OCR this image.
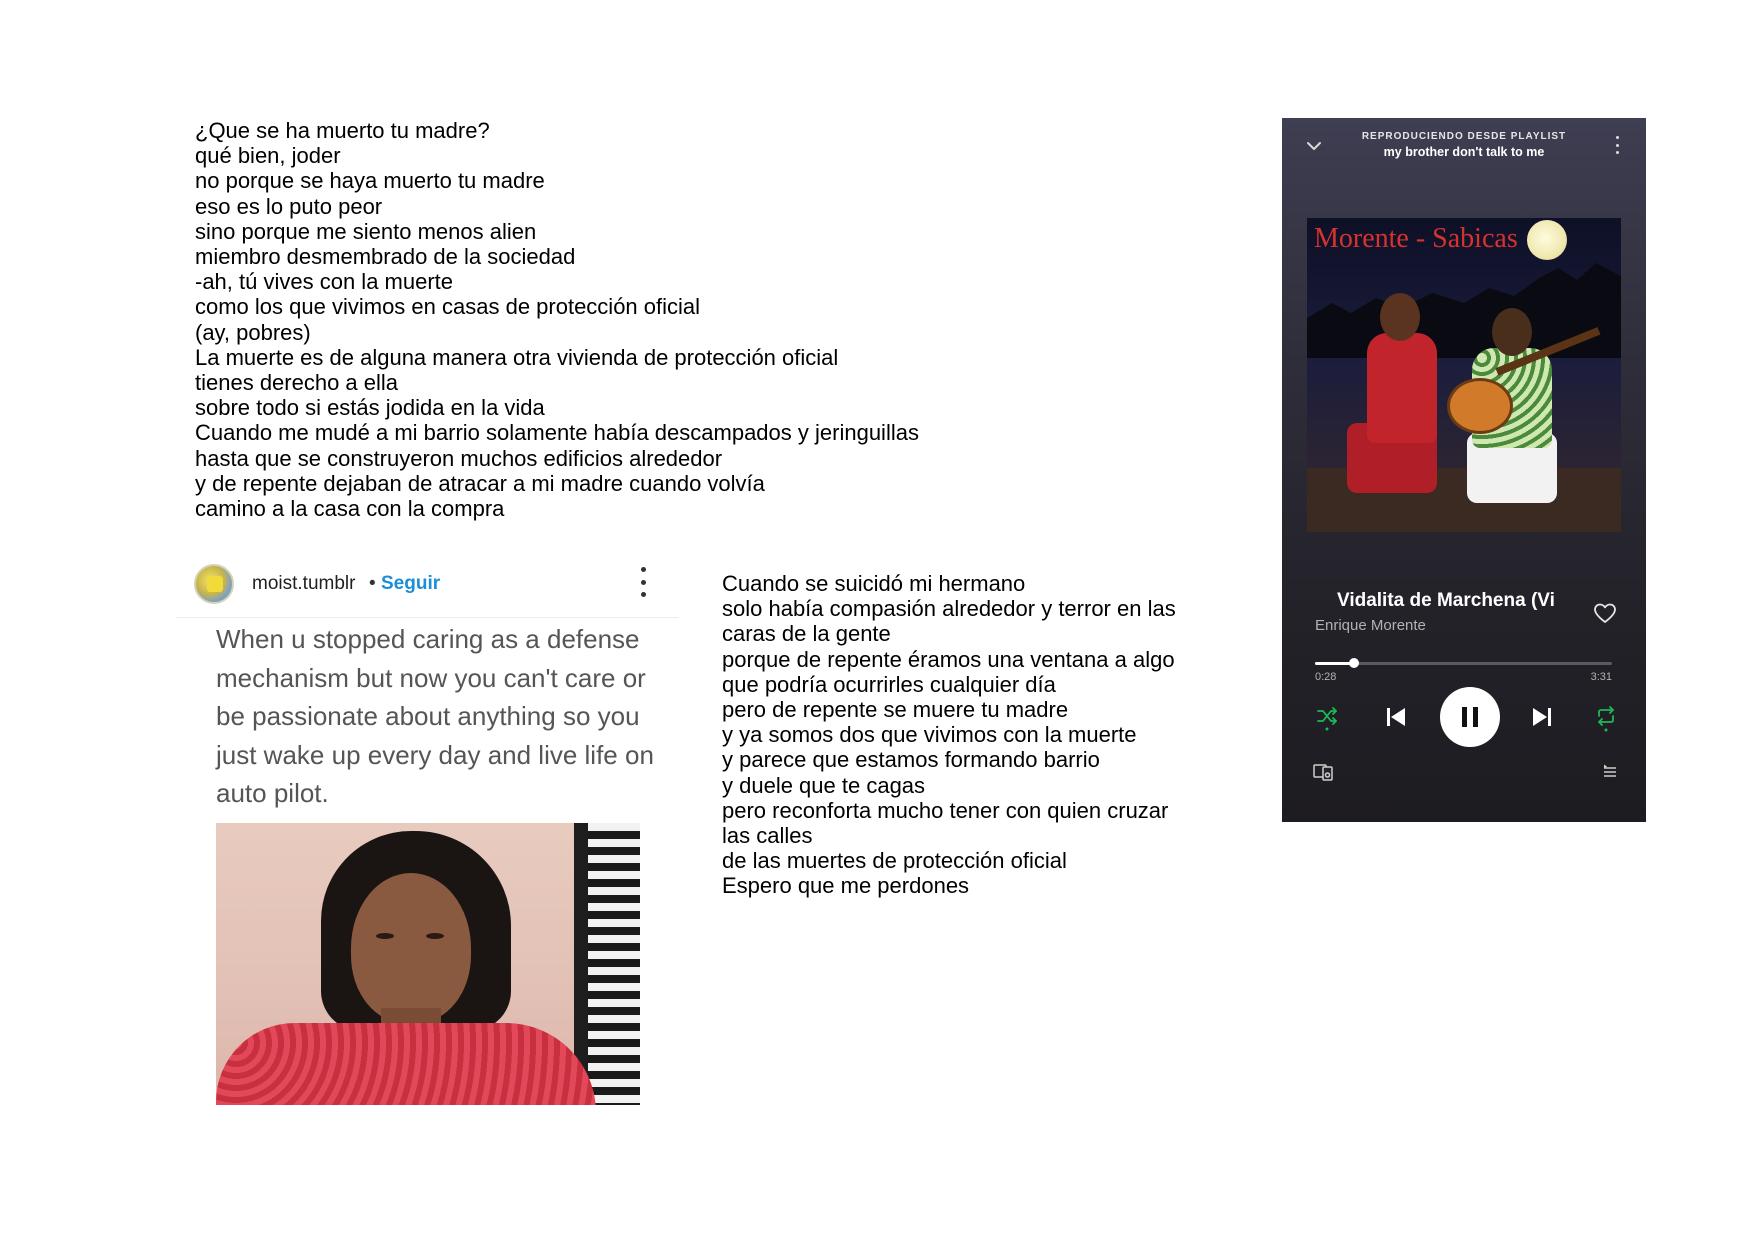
¿Que se ha muerto tu madre?
qué bien, joder
no porque se haya muerto tu madre
eso es lo puto peor
sino porque me siento menos alien
miembro desmembrado de la sociedad
-ah, tú vives con la muerte
como los que vivimos en casas de protección oficial
(ay, pobres)
La muerte es de alguna manera otra vivienda de protección oficial
tienes derecho a ella
sobre todo si estás jodida en la vida
Cuando me mudé a mi barrio solamente había descampados y jeringuillas
hasta que se construyeron muchos edificios alrededor
y de repente dejaban de atracar a mi madre cuando volvía
camino a la casa con la compra
moist.tumblr • Seguir
When u stopped caring as a defense mechanism but now you can't care or be passionate about anything so you just wake up every day and live life on auto pilot.
Cuando se suicidó mi hermano
solo había compasión alrededor y terror en las
caras de la gente
porque de repente éramos una ventana a algo
que podría ocurrirles cualquier día
pero de repente se muere tu madre
y ya somos dos que vivimos con la muerte
y parece que estamos formando barrio
y duele que te cagas
pero reconforta mucho tener con quien cruzar
las calles
de las muertes de protección oficial
Espero que me perdones
REPRODUCIENDO DESDE PLAYLIST
my brother don't talk to me
Morente - Sabicas
Vidalita de Marchena (Vi
Enrique Morente
0:28	3:31
